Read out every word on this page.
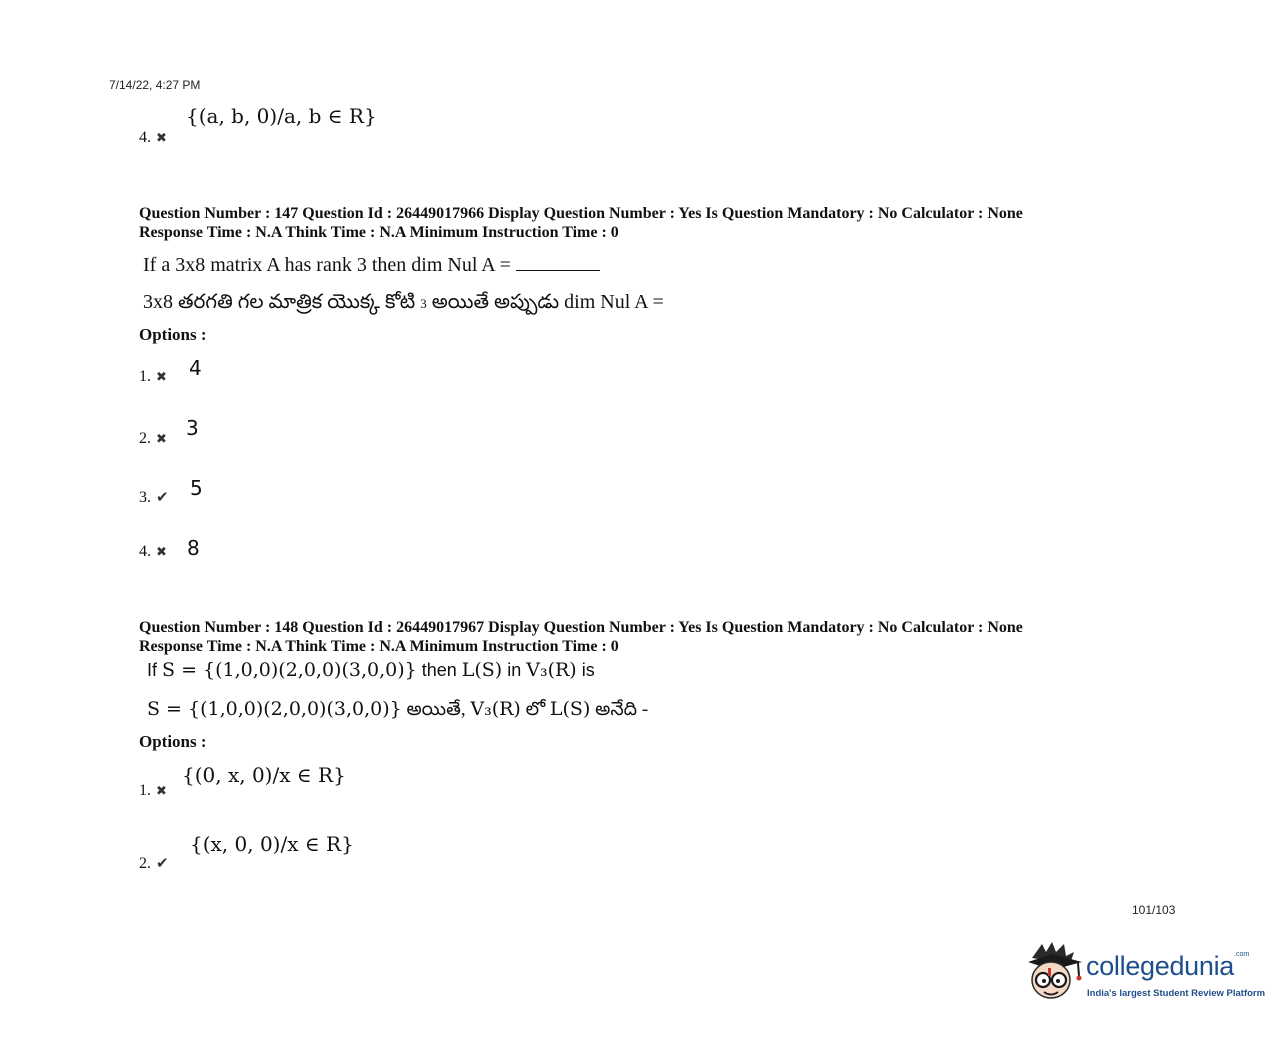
7/14/22, 4:27 PM
{(a, b, 0)/a, b ∈ R}
4. ✖
Question Number : 147 Question Id : 26449017966 Display Question Number : Yes Is Question Mandatory : No Calculator : None
Response Time : N.A Think Time : N.A Minimum Instruction Time : 0
If a 3x8 matrix A has rank 3 then dim Nul A =
3x8 తరగతి గల మాత్రిక యొక్క కోటి 3 అయితే అప్పుడు dim Nul A =
Options :
1. ✖ 4
2. ✖ 3
3. ✔ 5
4. ✖ 8
Question Number : 148 Question Id : 26449017967 Display Question Number : Yes Is Question Mandatory : No Calculator : None
Response Time : N.A Think Time : N.A Minimum Instruction Time : 0
If S = {(1,0,0)(2,0,0)(3,0,0)} then L(S) in V₃(R) is
S = {(1,0,0)(2,0,0)(3,0,0)} అయితే, V₃(R) లో L(S) అనేది -
Options :
{(0, x, 0)/x ∈ R}
1. ✖
{(x, 0, 0)/x ∈ R}
2. ✔
101/103
collegedunia$^{.com}$
India's largest Student Review Platform
